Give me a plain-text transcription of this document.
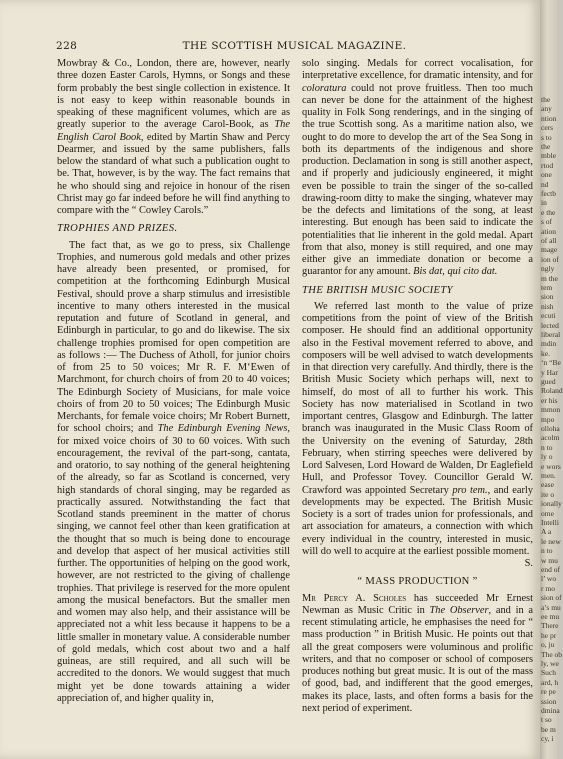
228	THE SCOTTISH MUSICAL MAGAZINE.

Mowbray & Co., London, there are, however, nearly three dozen Easter Carols, Hymns, or Songs and these form probably the best single collection in existence. It is not easy to keep within reasonable bounds in speaking of these magnificent volumes, which are as greatly superior to the average Carol-Book, as The English Carol Book, edited by Martin Shaw and Percy Dearmer, and issued by the same publishers, falls below the standard of what such a publication ought to be. That, however, is by the way. The fact remains that he who should sing and rejoice in honour of the risen Christ may go far indeed before he will find anything to compare with the “ Cowley Carols.”

TROPHIES AND PRIZES.

The fact that, as we go to press, six Challenge Trophies, and numerous gold medals and other prizes have already been presented, or promised, for competition at the forthcoming Edinburgh Musical Festival, should prove a sharp stimulus and irresistible incentive to many others interested in the musical reputation and future of Scotland in general, and Edinburgh in particular, to go and do likewise. The six challenge trophies promised for open competition are as follows :— The Duchess of Atholl, for junior choirs of from 25 to 50 voices; Mr R. F. M‘Ewen of Marchmont, for church choirs of from 20 to 40 voices; The Edinburgh Society of Musicians, for male voice choirs of from 20 to 50 voices; The Edinburgh Music Merchants, for female voice choirs; Mr Robert Burnett, for school choirs; and The Edinburgh Evening News, for mixed voice choirs of 30 to 60 voices. With such encouragement, the revival of the part-song, cantata, and oratorio, to say nothing of the general heightening of the already, so far as Scotland is concerned, very high standards of choral singing, may be regarded as practically assured. Notwithstanding the fact that Scotland stands preeminent in the matter of chorus singing, we cannot feel other than keen gratification at the thought that so much is being done to encourage and develop that aspect of her musical activities still further. The opportunities of helping on the good work, however, are not restricted to the giving of challenge trophies. That privilege is reserved for the more opulent among the musical benefactors. But the smaller men and women may also help, and their assistance will be appreciated not a whit less because it happens to be a little smaller in monetary value. A considerable number of gold medals, which cost about two and a half guineas, are still required, and all such will be accredited to the donors. We would suggest that much might yet be done towards attaining a wider appreciation of, and higher quality in,

solo singing. Medals for correct vocalisation, for interpretative excellence, for dramatic intensity, and for coloratura could not prove fruitless. Then too much can never be done for the attainment of the highest quality in Folk Song renderings, and in the singing of the true Scottish song. As a maritime nation also, we ought to do more to develop the art of the Sea Song in both its departments of the indigenous and shore production. Declamation in song is still another aspect, and if properly and judiciously engineered, it might even be possible to train the singer of the so-called drawing-room ditty to make the singing, whatever may be the defects and limitations of the song, at least interesting. But enough has been said to indicate the potentialities that lie inherent in the gold medal. Apart from that also, money is still required, and one may either give an immediate donation or become a guarantor for any amount. Bis dat, qui cito dat.

THE BRITISH MUSIC SOCIETY

We referred last month to the value of prize competitions from the point of view of the British composer. He should find an additional opportunity also in the Festival movement referred to above, and composers will be well advised to watch developments in that direction very carefully. And thirdly, there is the British Music Society which perhaps will, next to himself, do most of all to further his work. This Society has now materialised in Scotland in two important centres, Glasgow and Edinburgh. The latter branch was inaugurated in the Music Class Room of the University on the evening of Saturday, 28th February, when stirring speeches were delivered by Lord Salvesen, Lord Howard de Walden, Dr Eaglefield Hull, and Professor Tovey. Councillor Gerald W. Crawford was appointed Secretary pro tem., and early developments may be expected. The British Music Society is a sort of trades union for professionals, and art association for amateurs, a connection with which every individual in the country, interested in music, will do well to acquire at the earliest possible moment.

S.

“ MASS PRODUCTION ”

Mr Percy A. Scholes has succeeded Mr Ernest Newman as Music Critic in The Observer, and in a recent stimulating article, he emphasises the need for “ mass production ” in British Music. He points out that all the great composers were voluminous and prolific writers, and that no composer or school of composers produces nothing but great music. It is out of the mass of good, bad, and indifferent that the good emerges, makes its place, lasts, and often forms a basis for the next period of experiment.

the
any
ntion
cers
s to
the
mble
rtod
one
nd
fectb
in
e the
s of
ation
of all
mage
ion of
ngly
m the
tem
sion
nish
ecuti
lected
liberal
mdin
ke.
‘n “Be
y Har
gued
Roland
er his
mmon
mpo
olloha
acolm
n to
ly o
e wors
men.
ease
ite o
ionally
ome
Intelli
A a
le new
n to
w mu
end of
l’ wo
r mo
sion of
a’s mu
ee mu
There
he pr
o, ju
The ob
ly, we
Such
ard, h
re pe
ssion
dmina
t so
be m
cy, i
